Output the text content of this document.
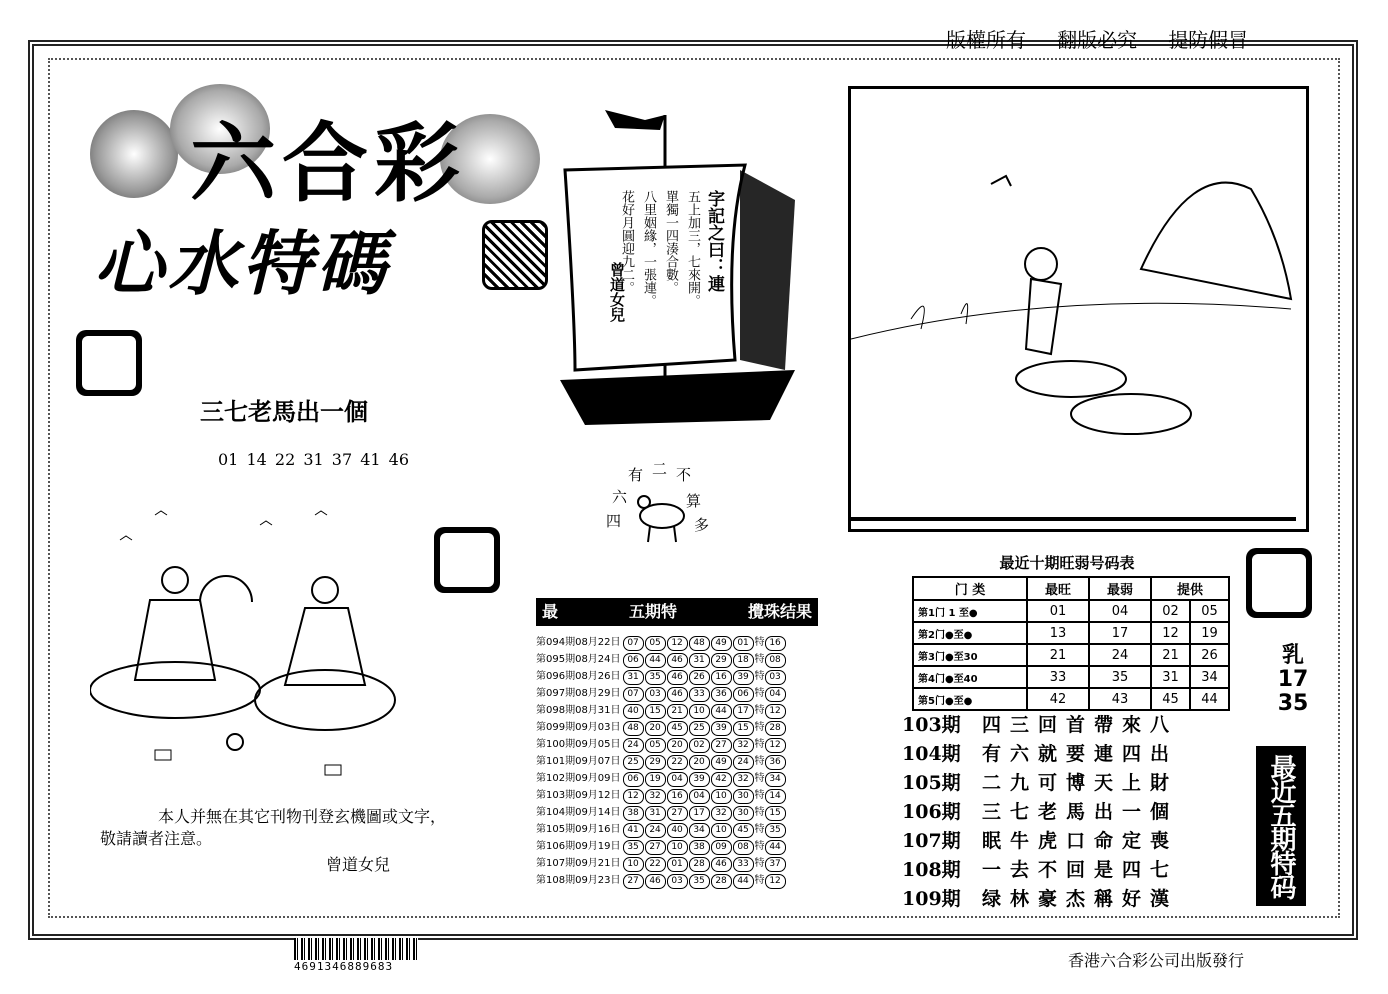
版權所有 翻版必究 提防假冒
六合彩
心水特碼	字記之曰：連
五上加三，七來開。
單獨一四湊合數。
八里姻緣，一張連。
花好月圓迎九二。
曾道女兒
三七老馬出一個
01 14 22 31 37 41 46
有 二 不
六	算
四	多
本人并無在其它刊物刊登玄機圖或文字，
敬請讀者注意。
曾道女兒
最	五期特	攪珠结果
第094期08月22日	07 05 12 48 49 01 特 16
第095期08月24日	06 44 46 31 29 18 特 08
第096期08月26日	31 35 46 26 16 39 特 03
第097期08月29日	07 03 46 33 36 06 特 04
第098期08月31日	40 15 21 10 44 17 特 12
第099期09月03日	48 20 45 25 39 15 特 28
第100期09月05日	24 05 20 02 27 32 特 12
第101期09月07日	25 29 22 20 49 24 特 36
第102期09月09日	06 19 04 39 42 32 特 34
第103期09月12日	12 32 16 04 10 30 特 14
第104期09月14日	38 31 27 17 32 30 特 15
第105期09月16日	41 24 40 34 10 45 特 35
第106期09月19日	35 27 10 38 09 08 特 44
第107期09月21日	10 22 01 28 46 33 特 37
第108期09月23日	27 46 03 35 28 44 特 12
最近十期旺弱号码表
门 类	最旺	最弱	提供	
第1门 1 至●	01	04	02	05
第2门●至●	13	17	12	19
第3门●至30	21	24	21	26
第4门●至40	33	35	31	34
第5门●至●	42	43	45	44
乳
17
35
103期 四三回首帶來八
104期 有六就要連四出
105期 二九可博天上財
106期 三七老馬出一個
107期 眠牛虎口命定喪
108期 一去不回是四七
109期 绿林豪杰稱好漢
最近五期特码诗
4691346889683	香港六合彩公司出版發行
